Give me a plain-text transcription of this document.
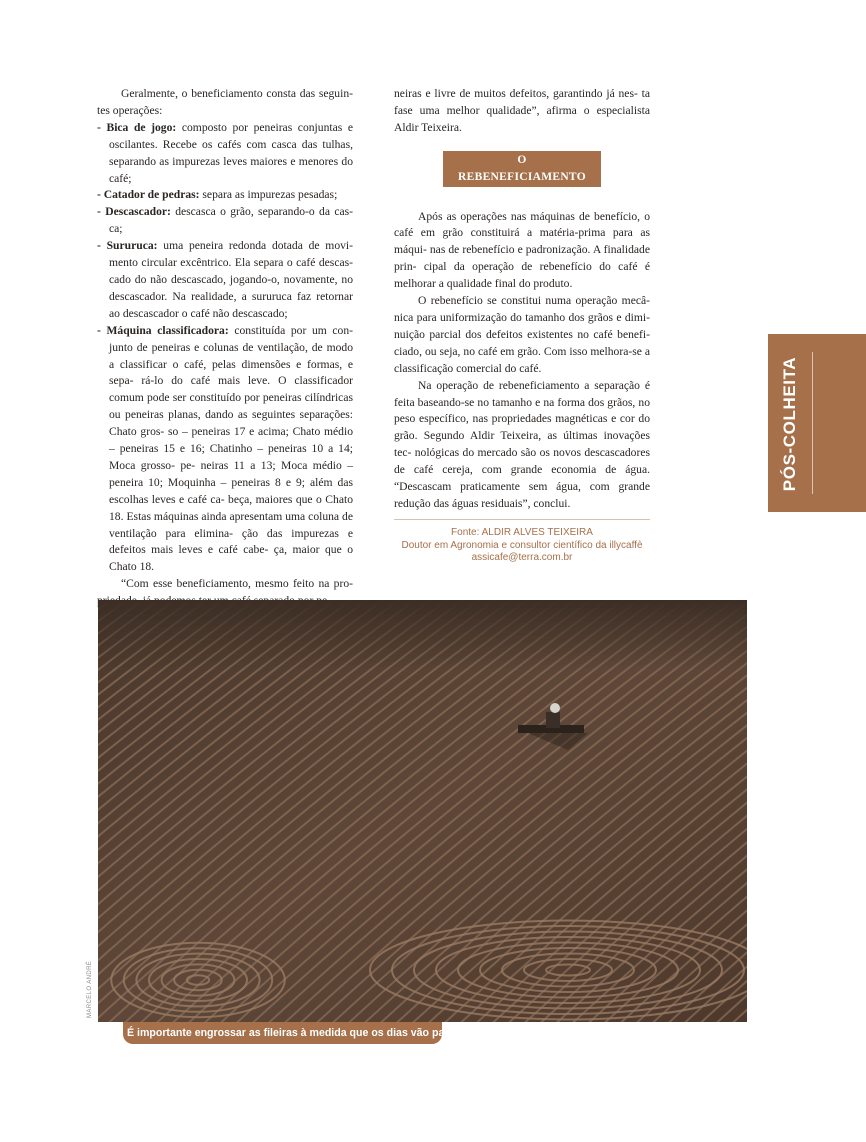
Geralmente, o beneficiamento consta das seguin- tes operações:

- Bica de jogo: composto por peneiras conjuntas e oscilantes. Recebe os cafés com casca das tulhas, separando as impurezas leves maiores e menores do café;

- Catador de pedras: separa as impurezas pesadas;

- Descascador: descasca o grão, separando-o da cas- ca;

- Sururuca: uma peneira redonda dotada de movi- mento circular excêntrico. Ela separa o café descas- cado do não descascado, jogando-o, novamente, no descascador. Na realidade, a sururuca faz retornar ao descascador o café não descascado;

- Máquina classificadora: constituída por um con- junto de peneiras e colunas de ventilação, de modo a classificar o café, pelas dimensões e formas, e sepa- rá-lo do café mais leve. O classificador comum pode ser constituído por peneiras cilíndricas ou peneiras planas, dando as seguintes separações: Chato gros- so – peneiras 17 e acima; Chato médio – peneiras 15 e 16; Chatinho – peneiras 10 a 14; Moca grosso- pe- neiras 11 a 13; Moca médio – peneira 10; Moquinha – peneiras 8 e 9; além das escolhas leves e café ca- beça, maiores que o Chato 18. Estas máquinas ainda apresentam uma coluna de ventilação para elimina- ção das impurezas e defeitos mais leves e café cabe- ça, maior que o Chato 18.

“Com esse beneficiamento, mesmo feito na pro-

neiras e livre de muitos defeitos, garantindo já nes- ta fase uma melhor qualidade”, afirma o especialista Aldir Teixeira.

O REBENEFICIAMENTO

Após as operações nas máquinas de benefício, o café em grão constituirá a matéria-prima para as máqui- nas de rebenefício e padronização. A finalidade prin- cipal da operação de rebenefício do café é melhorar a qualidade final do produto.

O rebenefício se constitui numa operação mecâ- nica para uniformização do tamanho dos grãos e dimi- nuição parcial dos defeitos existentes no café benefi- ciado, ou seja, no café em grão. Com isso melhora-se a classificação comercial do café.

Na operação de rebeneficiamento a separação é feita baseando-se no tamanho e na forma dos grãos, no peso específico, nas propriedades magnéticas e cor do grão. Segundo Aldir Teixeira, as últimas inovações tec- nológicas do mercado são os novos descascadores de café cereja, com grande economia de água. “Descascam praticamente sem água, com grande redução das águas residuais”, conclui.

Fonte: ALDIR ALVES TEIXEIRA
Doutor em Agronomia e consultor científico da illycaffè
assicafe@terra.com.br
PÓS-COLHEITA
MARCELO ANDRÉ
É importante engrossar as fileiras à medida que os dias vão passando
